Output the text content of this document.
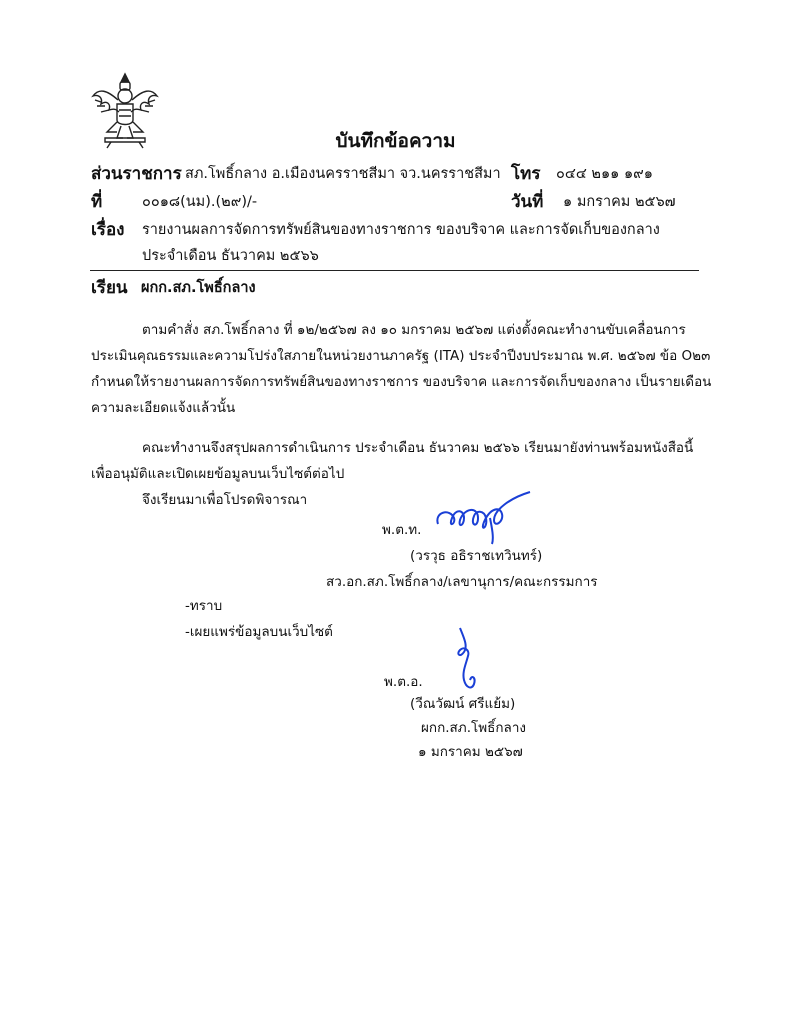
บันทึกข้อความ
ส่วนราชการ สภ.โพธิ์กลาง อ.เมืองนครราชสีมา จว.นครราชสีมา โทร ๐๔๔ ๒๑๑ ๑๙๑
ที่	๐๐๑๘(นม).(๒๙)/-	วันที่ ๑ มกราคม ๒๕๖๗
เรื่อง รายงานผลการจัดการทรัพย์สินของทางราชการ ของบริจาค และการจัดเก็บของกลาง
ประจำเดือน ธันวาคม ๒๕๖๖
เรียน ผกก.สภ.โพธิ์กลาง
ตามคำสั่ง สภ.โพธิ์กลาง ที่ ๑๒/๒๕๖๗ ลง ๑๐ มกราคม ๒๕๖๗ แต่งตั้งคณะทำงานขับเคลื่อนการ
ประเมินคุณธรรมและความโปร่งใสภายในหน่วยงานภาครัฐ (ITA) ประจำปีงบประมาณ พ.ศ. ๒๕๖๗ ข้อ O๒๓
กำหนดให้รายงานผลการจัดการทรัพย์สินของทางราชการ ของบริจาค และการจัดเก็บของกลาง เป็นรายเดือน
ความละเอียดแจ้งแล้วนั้น
คณะทำงานจึงสรุปผลการดำเนินการ ประจำเดือน ธันวาคม ๒๕๖๖ เรียนมายังท่านพร้อมหนังสือนี้
เพื่ออนุมัติและเปิดเผยข้อมูลบนเว็บไซต์ต่อไป
จึงเรียนมาเพื่อโปรดพิจารณา
พ.ต.ท.
(วรวุธ อธิราชเทวินทร์)
สว.อก.สภ.โพธิ์กลาง/เลขานุการ/คณะกรรมการ
-ทราบ
-เผยแพร่ข้อมูลบนเว็บไซต์
พ.ต.อ.
(วีณวัฒน์ ศรีแย้ม)
ผกก.สภ.โพธิ์กลาง
๑ มกราคม ๒๕๖๗
